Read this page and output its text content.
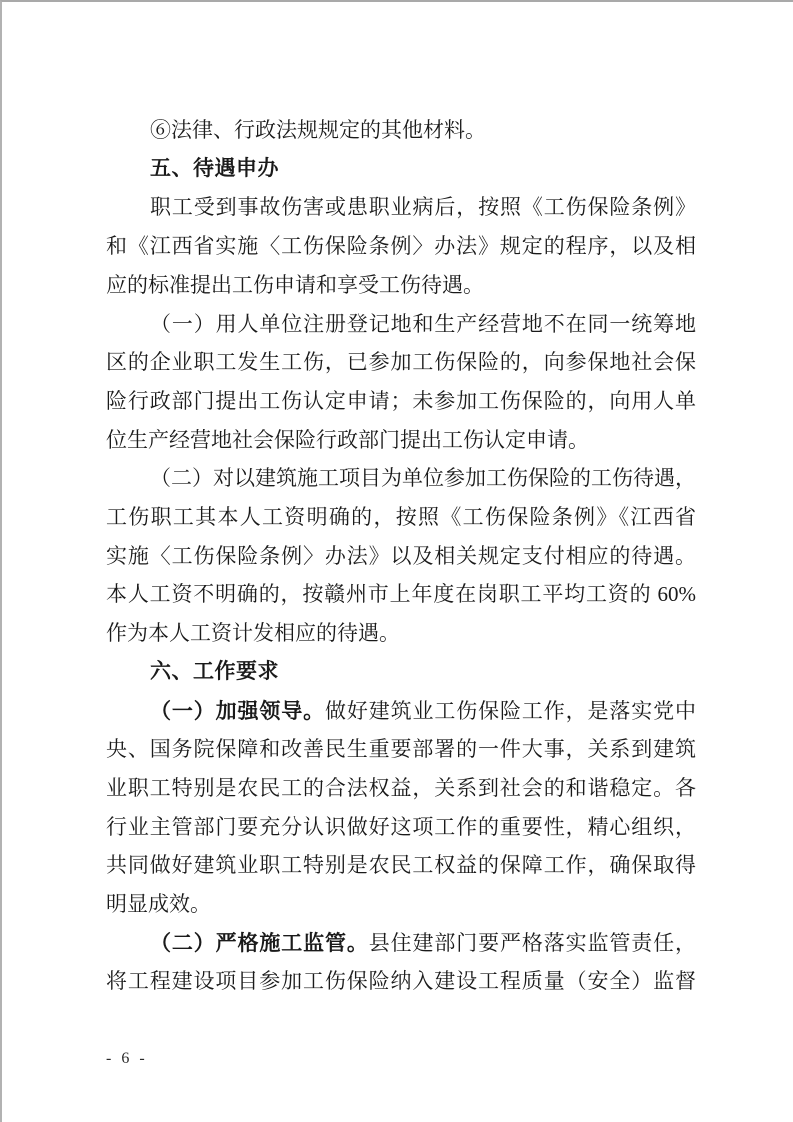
⑥法律、行政法规规定的其他材料。
五、待遇申办
职工受到事故伤害或患职业病后，按照《工伤保险条例》
和《江西省实施〈工伤保险条例〉办法》规定的程序，以及相
应的标准提出工伤申请和享受工伤待遇。
（一）用人单位注册登记地和生产经营地不在同一统筹地
区的企业职工发生工伤，已参加工伤保险的，向参保地社会保
险行政部门提出工伤认定申请；未参加工伤保险的，向用人单
位生产经营地社会保险行政部门提出工伤认定申请。
（二）对以建筑施工项目为单位参加工伤保险的工伤待遇，
工伤职工其本人工资明确的，按照《工伤保险条例》《江西省
实施〈工伤保险条例〉办法》以及相关规定支付相应的待遇。
本人工资不明确的，按赣州市上年度在岗职工平均工资的 60%
作为本人工资计发相应的待遇。
六、工作要求
（一）加强领导。做好建筑业工伤保险工作，是落实党中
央、国务院保障和改善民生重要部署的一件大事，关系到建筑
业职工特别是农民工的合法权益，关系到社会的和谐稳定。各
行业主管部门要充分认识做好这项工作的重要性，精心组织，
共同做好建筑业职工特别是农民工权益的保障工作，确保取得
明显成效。
（二）严格施工监管。县住建部门要严格落实监管责任，
将工程建设项目参加工伤保险纳入建设工程质量（安全）监督
- 6 -
